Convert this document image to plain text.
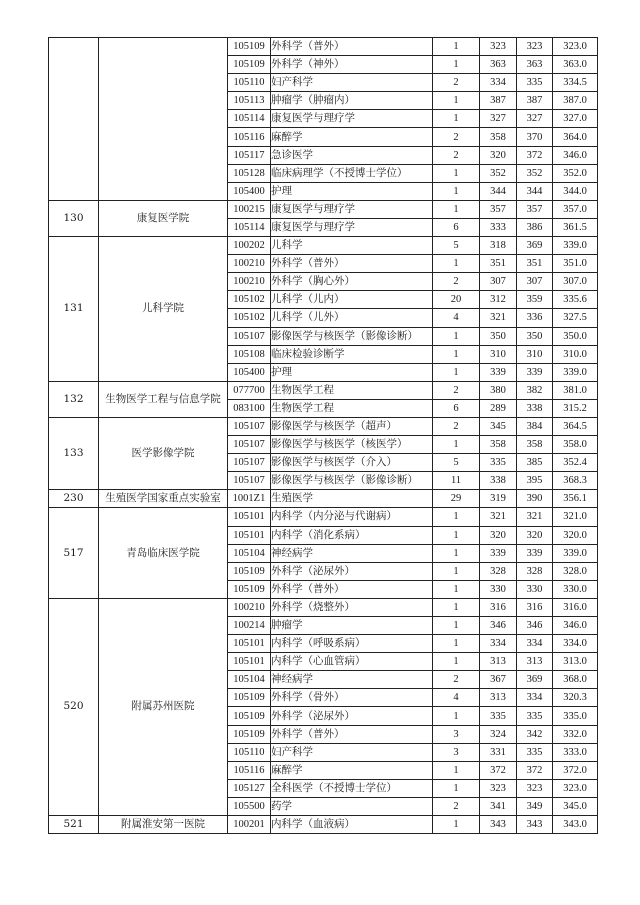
		105109	外科学（普外）	1	323	323	323.0
		105109	外科学（神外）	1	363	363	363.0
		105110	妇产科学	2	334	335	334.5
		105113	肿瘤学（肿瘤内）	1	387	387	387.0
		105114	康复医学与理疗学	1	327	327	327.0
		105116	麻醉学	2	358	370	364.0
		105117	急诊医学	2	320	372	346.0
		105128	临床病理学（不授博士学位）	1	352	352	352.0
		105400	护理	1	344	344	344.0
130	康复医学院	100215	康复医学与理疗学	1	357	357	357.0
		105114	康复医学与理疗学	6	333	386	361.5
131	儿科学院	100202	儿科学	5	318	369	339.0
		100210	外科学（普外）	1	351	351	351.0
		100210	外科学（胸心外）	2	307	307	307.0
		105102	儿科学（儿内）	20	312	359	335.6
		105102	儿科学（儿外）	4	321	336	327.5
		105107	影像医学与核医学（影像诊断）	1	350	350	350.0
		105108	临床检验诊断学	1	310	310	310.0
		105400	护理	1	339	339	339.0
132	生物医学工程与信息学院	077700	生物医学工程	2	380	382	381.0
		083100	生物医学工程	6	289	338	315.2
133	医学影像学院	105107	影像医学与核医学（超声）	2	345	384	364.5
		105107	影像医学与核医学（核医学）	1	358	358	358.0
		105107	影像医学与核医学（介入）	5	335	385	352.4
		105107	影像医学与核医学（影像诊断）	11	338	395	368.3
230	生殖医学国家重点实验室	1001Z1	生殖医学	29	319	390	356.1
517	青岛临床医学院	105101	内科学（内分泌与代谢病）	1	321	321	321.0
		105101	内科学（消化系病）	1	320	320	320.0
		105104	神经病学	1	339	339	339.0
		105109	外科学（泌尿外）	1	328	328	328.0
		105109	外科学（普外）	1	330	330	330.0
520	附属苏州医院	100210	外科学（烧整外）	1	316	316	316.0
		100214	肿瘤学	1	346	346	346.0
		105101	内科学（呼吸系病）	1	334	334	334.0
		105101	内科学（心血管病）	1	313	313	313.0
		105104	神经病学	2	367	369	368.0
		105109	外科学（骨外）	4	313	334	320.3
		105109	外科学（泌尿外）	1	335	335	335.0
		105109	外科学（普外）	3	324	342	332.0
		105110	妇产科学	3	331	335	333.0
		105116	麻醉学	1	372	372	372.0
		105127	全科医学（不授博士学位）	1	323	323	323.0
		105500	药学	2	341	349	345.0
521	附属淮安第一医院	100201	内科学（血液病）	1	343	343	343.0
